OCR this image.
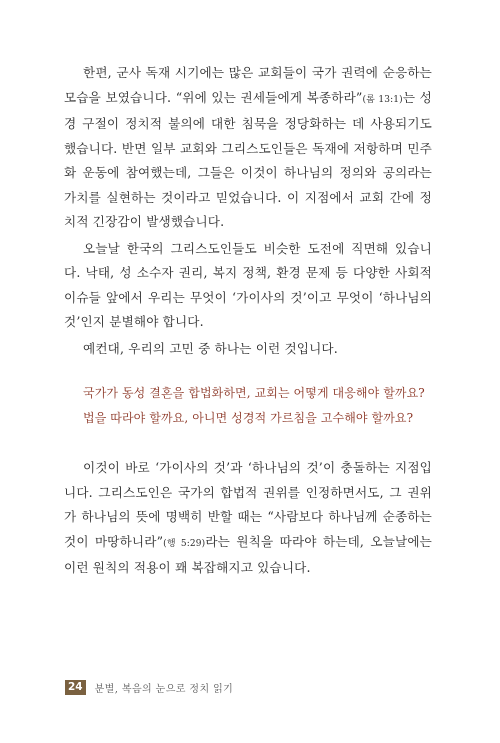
한편, 군사 독재 시기에는 많은 교회들이 국가 권력에 순응하는 모습을 보였습니다. “위에 있는 권세들에게 복종하라”(롬 13:1)는 성경 구절이 정치적 불의에 대한 침묵을 정당화하는 데 사용되기도 했습니다. 반면 일부 교회와 그리스도인들은 독재에 저항하며 민주화 운동에 참여했는데, 그들은 이것이 하나님의 정의와 공의라는 가치를 실현하는 것이라고 믿었습니다. 이 지점에서 교회 간에 정치적 긴장감이 발생했습니다.

오늘날 한국의 그리스도인들도 비슷한 도전에 직면해 있습니다. 낙태, 성 소수자 권리, 복지 정책, 환경 문제 등 다양한 사회적 이슈들 앞에서 우리는 무엇이 ‘가이사의 것’이고 무엇이 ‘하나님의 것’인지 분별해야 합니다.

예컨대, 우리의 고민 중 하나는 이런 것입니다.

국가가 동성 결혼을 합법화하면, 교회는 어떻게 대응해야 할까요? 법을 따라야 할까요, 아니면 성경적 가르침을 고수해야 할까요?

이것이 바로 ‘가이사의 것’과 ‘하나님의 것’이 충돌하는 지점입니다. 그리스도인은 국가의 합법적 권위를 인정하면서도, 그 권위가 하나님의 뜻에 명백히 반할 때는 “사람보다 하나님께 순종하는 것이 마땅하니라”(행 5:29)라는 원칙을 따라야 하는데, 오늘날에는 이런 원칙의 적용이 꽤 복잡해지고 있습니다.

24	분별, 복음의 눈으로 정치 읽기
